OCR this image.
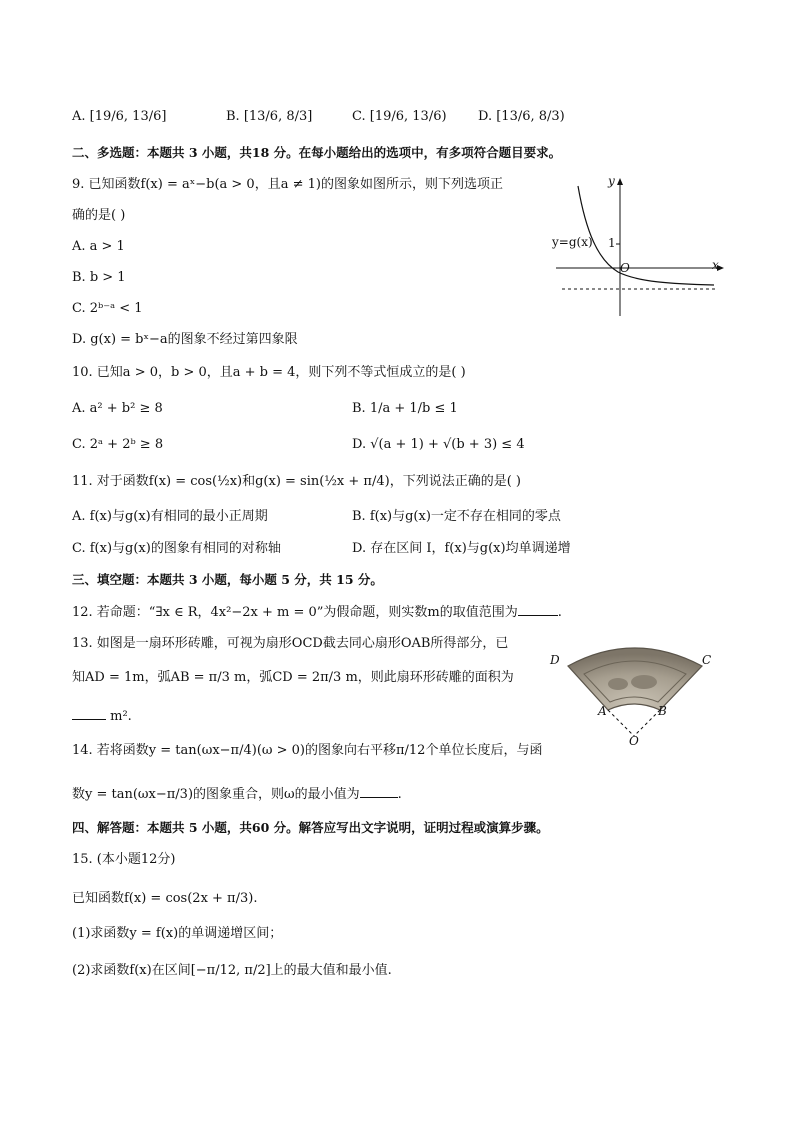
A. [19/6, 13/6]	B. [13/6, 8/3]	C. [19/6, 13/6) D. [13/6, 8/3)
二、多选题：本题共 3 小题，共18 分。在每小题给出的选项中，有多项符合题目要求。
9. 已知函数f(x) = aˣ−b(a > 0，且a ≠ 1)的图象如图所示，则下列选项正
确的是( )
A. a > 1
B. b > 1
C. 2ᵇ⁻ᵃ < 1
D. g(x) = bˣ−a的图象不经过第四象限
y
x
y=g(x) 1
O
10. 已知a > 0，b > 0，且a + b = 4，则下列不等式恒成立的是( )
A. a² + b² ≥ 8	B. 1/a + 1/b ≤ 1
C. 2ᵃ + 2ᵇ ≥ 8	D. √(a + 1) + √(b + 3) ≤ 4
11. 对于函数f(x) = cos(½x)和g(x) = sin(½x + π/4)，下列说法正确的是( )
A. f(x)与g(x)有相同的最小正周期	B. f(x)与g(x)一定不存在相同的零点
C. f(x)与g(x)的图象有相同的对称轴	D. 存在区间 I，f(x)与g(x)均单调递增
三、填空题：本题共 3 小题，每小题 5 分，共 15 分。
12. 若命题：“∃x ∈ R，4x²−2x + m = 0”为假命题，则实数m的取值范围为	.
13. 如图是一扇环形砖雕，可视为扇形OCD截去同心扇形OAB所得部分，已
知AD = 1m，弧AB = π/3 m，弧CD = 2π/3 m，则此扇环形砖雕的面积为
m².
D	C
A	B
O
14. 若将函数y = tan(ωx−π/4)(ω > 0)的图象向右平移π/12个单位长度后，与函
数y = tan(ωx−π/3)的图象重合，则ω的最小值为	.
四、解答题：本题共 5 小题，共60 分。解答应写出文字说明，证明过程或演算步骤。
15. (本小题12分)
已知函数f(x) = cos(2x + π/3).
(1)求函数y = f(x)的单调递增区间；
(2)求函数f(x)在区间[−π/12, π/2]上的最大值和最小值.
